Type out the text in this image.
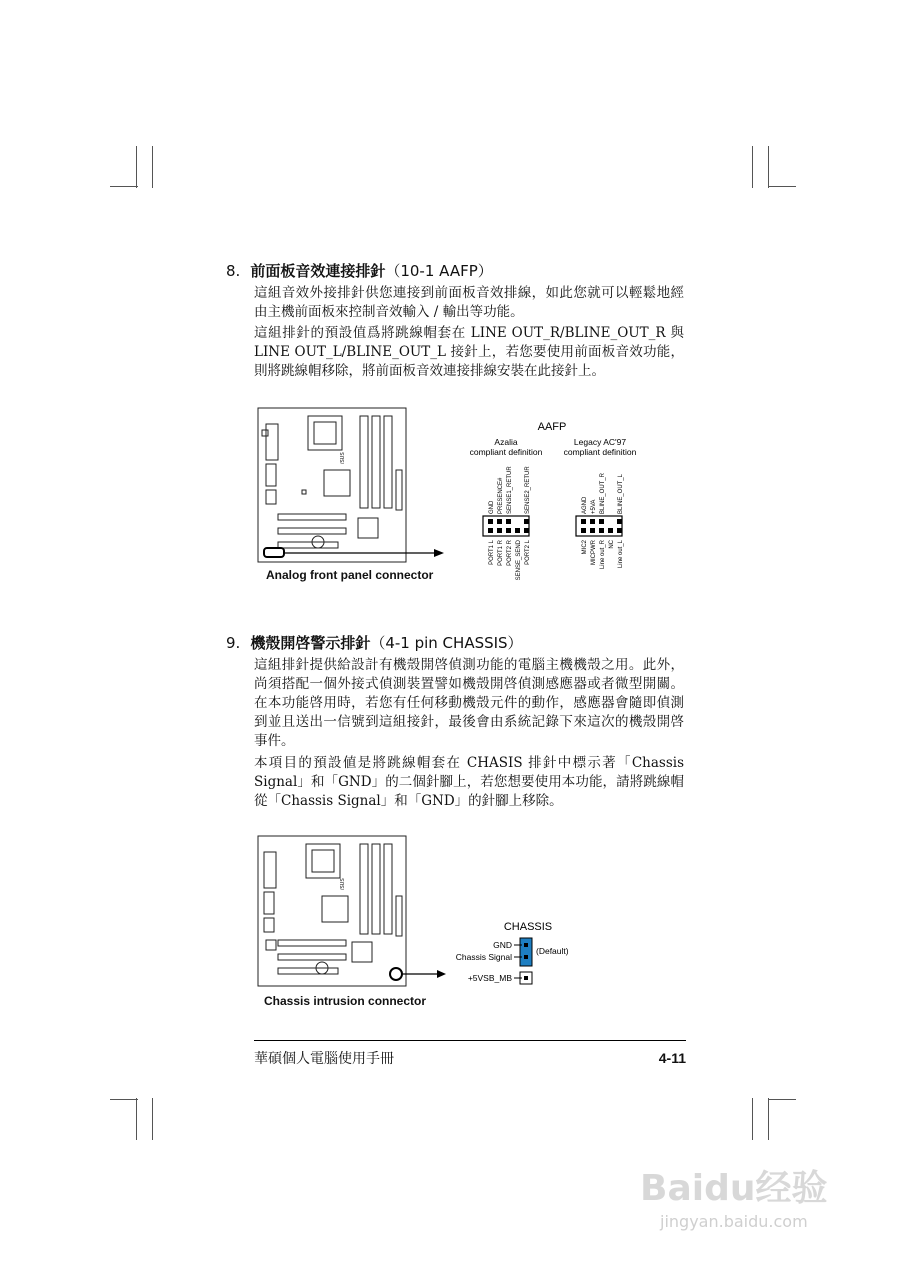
8. 前面板音效連接排針（10-1 AAFP）
這組音效外接排針供您連接到前面板音效排線，如此您就可以輕鬆地經由主機前面板來控制音效輸入 / 輸出等功能。
這組排針的預設值爲將跳線帽套在 LINE OUT_R/BLINE_OUT_R 與 LINE OUT_L/BLINE_OUT_L 接針上，若您要使用前面板音效功能，則將跳線帽移除，將前面板音效連接排線安裝在此接針上。
/SUS
AAFP
Azalia
compliant definition
Legacy AC'97
compliant definition
GND PRESENCE# SENSE1_RETUR SENSE2_RETUR
PORT1 L PORT1 R PORT2 R SENSE_SEND PORT2 L
AGND +5VA BLINE_OUT_R BLINE_OUT_L
MIC2 MICPWR Line out_R NC Line out_L
Analog front panel connector
9. 機殼開啓警示排針（4-1 pin CHASSIS）
這組排針提供給設計有機殼開啓偵測功能的電腦主機機殼之用。此外，尚須搭配一個外接式偵測裝置譬如機殼開啓偵測感應器或者微型開關。在本功能啓用時，若您有任何移動機殼元件的動作，感應器會隨即偵測到並且送出一信號到這組接針，最後會由系統記錄下來這次的機殼開啓事件。
本項目的預設値是將跳線帽套在 CHASIS 排針中標示著「Chassis Signal」和「GND」的二個針腳上，若您想要使用本功能，請將跳線帽從「Chassis Signal」和「GND」的針腳上移除。
/SUS
CHASSIS
GND
Chassis Signal
+5VSB_MB
(Default)
Chassis intrusion connector
華碩個人電腦使用手冊	4-11
Baidu经验
jingyan.baidu.com
